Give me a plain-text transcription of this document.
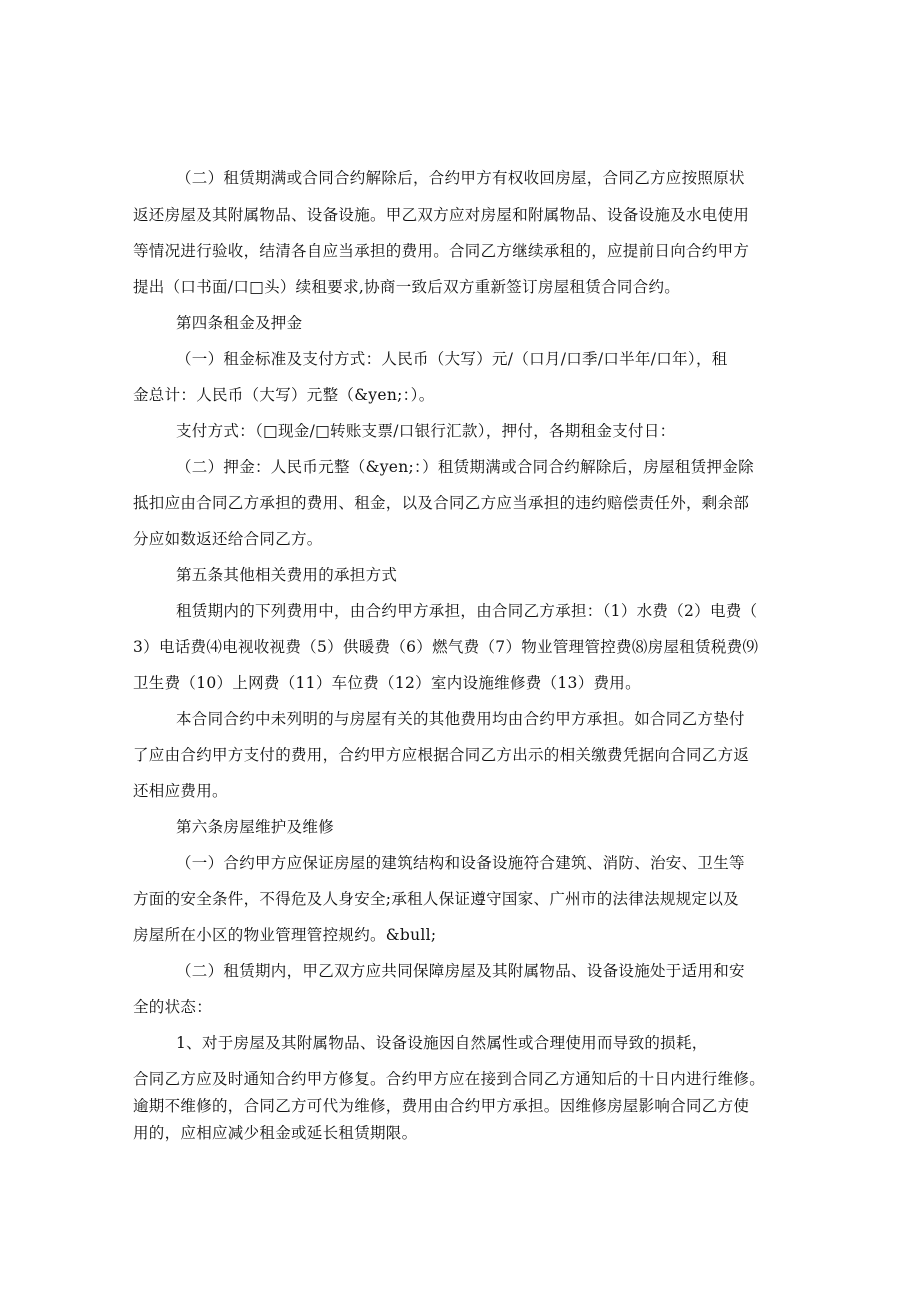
（二）租赁期满或合同合约解除后，合约甲方有权收回房屋，合同乙方应按照原状
返还房屋及其附属物品、设备设施。甲乙双方应对房屋和附属物品、设备设施及水电使用
等情况进行验收，结清各自应当承担的费用。合同乙方继续承租的，应提前日向合约甲方
提出（口书面/口□头）续租要求,协商一致后双方重新签订房屋租赁合同合约。
第四条租金及押金
（一）租金标准及支付方式：人民币（大写）元/（口月/口季/口半年/口年），租
金总计：人民币（大写）元整（&yen;：）。
支付方式：（□现金/□转账支票/口银行汇款），押付，各期租金支付日：
（二）押金：人民币元整（&yen;：）租赁期满或合同合约解除后，房屋租赁押金除
抵扣应由合同乙方承担的费用、租金，以及合同乙方应当承担的违约赔偿责任外，剩余部
分应如数返还给合同乙方。
第五条其他相关费用的承担方式
租赁期内的下列费用中，由合约甲方承担，由合同乙方承担：（1）水费（2）电费（
3）电话费⑷电视收视费（5）供暖费（6）燃气费（7）物业管理管控费⑻房屋租赁税费⑼
卫生费（10）上网费（11）车位费（12）室内设施维修费（13）费用。
本合同合约中未列明的与房屋有关的其他费用均由合约甲方承担。如合同乙方垫付
了应由合约甲方支付的费用，合约甲方应根据合同乙方出示的相关缴费凭据向合同乙方返
还相应费用。
第六条房屋维护及维修
（一）合约甲方应保证房屋的建筑结构和设备设施符合建筑、消防、治安、卫生等
方面的安全条件，不得危及人身安全;承租人保证遵守国家、广州市的法律法规规定以及
房屋所在小区的物业管理管控规约。&bull;
（二）租赁期内，甲乙双方应共同保障房屋及其附属物品、设备设施处于适用和安
全的状态：
1、对于房屋及其附属物品、设备设施因自然属性或合理使用而导致的损耗，
合同乙方应及时通知合约甲方修复。合约甲方应在接到合同乙方通知后的十日内进行维修。
逾期不维修的，合同乙方可代为维修，费用由合约甲方承担。因维修房屋影响合同乙方使
用的，应相应减少租金或延长租赁期限。
